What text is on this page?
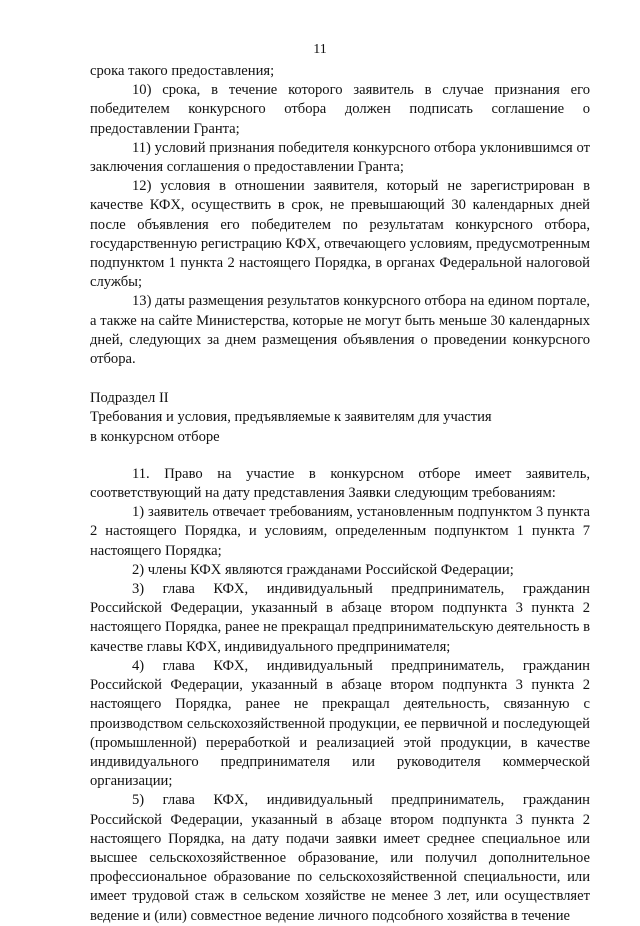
11

срока такого предоставления;

10) срока, в течение которого заявитель в случае признания его победителем конкурсного отбора должен подписать соглашение о предоставлении Гранта;

11) условий признания победителя конкурсного отбора уклонившимся от заключения соглашения о предоставлении Гранта;

12) условия в отношении заявителя, который не зарегистрирован в качестве КФХ, осуществить в срок, не превышающий 30 календарных дней после объявления его победителем по результатам конкурсного отбора, государственную регистрацию КФХ, отвечающего условиям, предусмотренным подпунктом 1 пункта 2 настоящего Порядка, в органах Федеральной налоговой службы;

13) даты размещения результатов конкурсного отбора на едином портале, а также на сайте Министерства, которые не могут быть меньше 30 календарных дней, следующих за днем размещения объявления о проведении конкурсного отбора.

Подраздел II

Требования и условия, предъявляемые к заявителям для участия

в конкурсном отборе

11. Право на участие в конкурсном отборе имеет заявитель, соответствующий на дату представления Заявки следующим требованиям:

1) заявитель отвечает требованиям, установленным подпунктом 3 пункта 2 настоящего Порядка, и условиям, определенным подпунктом 1 пункта 7 настоящего Порядка;

2) члены КФХ являются гражданами Российской Федерации;

3) глава КФХ, индивидуальный предприниматель, гражданин Российской Федерации, указанный в абзаце втором подпункта 3 пункта 2 настоящего Порядка, ранее не прекращал предпринимательскую деятельность в качестве главы КФХ, индивидуального предпринимателя;

4) глава КФХ, индивидуальный предприниматель, гражданин Российской Федерации, указанный в абзаце втором подпункта 3 пункта 2 настоящего Порядка, ранее не прекращал деятельность, связанную с производством сельскохозяйственной продукции, ее первичной и последующей (промышленной) переработкой и реализацией этой продукции, в качестве индивидуального предпринимателя или руководителя коммерческой организации;

5) глава КФХ, индивидуальный предприниматель, гражданин Российской Федерации, указанный в абзаце втором подпункта 3 пункта 2 настоящего Порядка, на дату подачи заявки имеет среднее специальное или высшее сельскохозяйственное образование, или получил дополнительное профессиональное образование по сельскохозяйственной специальности, или имеет трудовой стаж в сельском хозяйстве не менее 3 лет, или осуществляет ведение и (или) совместное ведение личного подсобного хозяйства в течение
